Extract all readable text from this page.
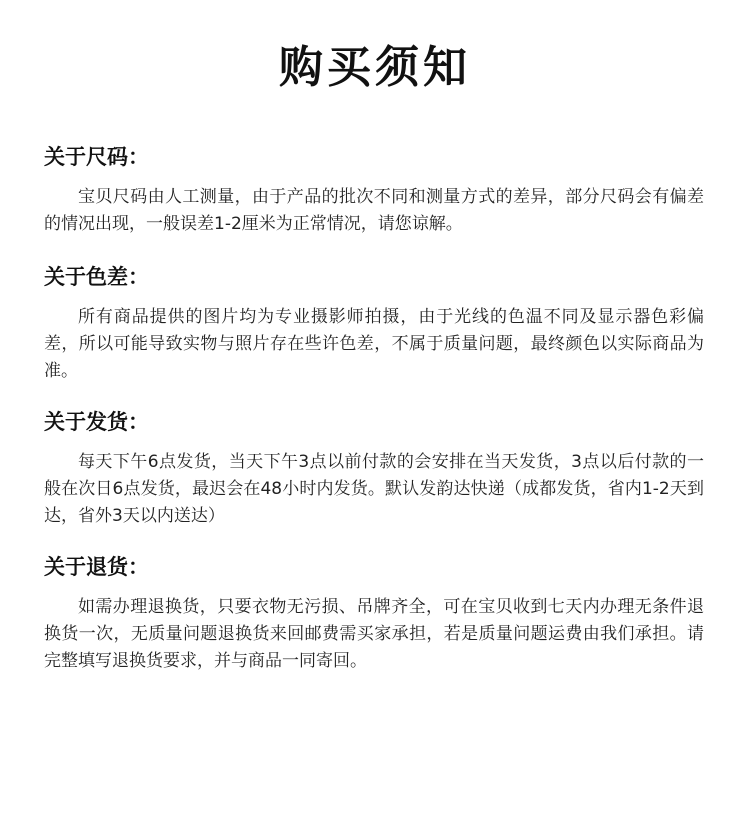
购买须知
关于尺码：
宝贝尺码由人工测量，由于产品的批次不同和测量方式的差异，部分尺码会有偏差的情况出现，一般误差1-2厘米为正常情况，请您谅解。
关于色差：
所有商品提供的图片均为专业摄影师拍摄，由于光线的色温不同及显示器色彩偏差，所以可能导致实物与照片存在些许色差，不属于质量问题，最终颜色以实际商品为准。
关于发货：
每天下午6点发货，当天下午3点以前付款的会安排在当天发货，3点以后付款的一般在次日6点发货，最迟会在48小时内发货。默认发韵达快递（成都发货，省内1-2天到达，省外3天以内送达）
关于退货：
如需办理退换货，只要衣物无污损、吊牌齐全，可在宝贝收到七天内办理无条件退换货一次，无质量问题退换货来回邮费需买家承担，若是质量问题运费由我们承担。请完整填写退换货要求，并与商品一同寄回。
